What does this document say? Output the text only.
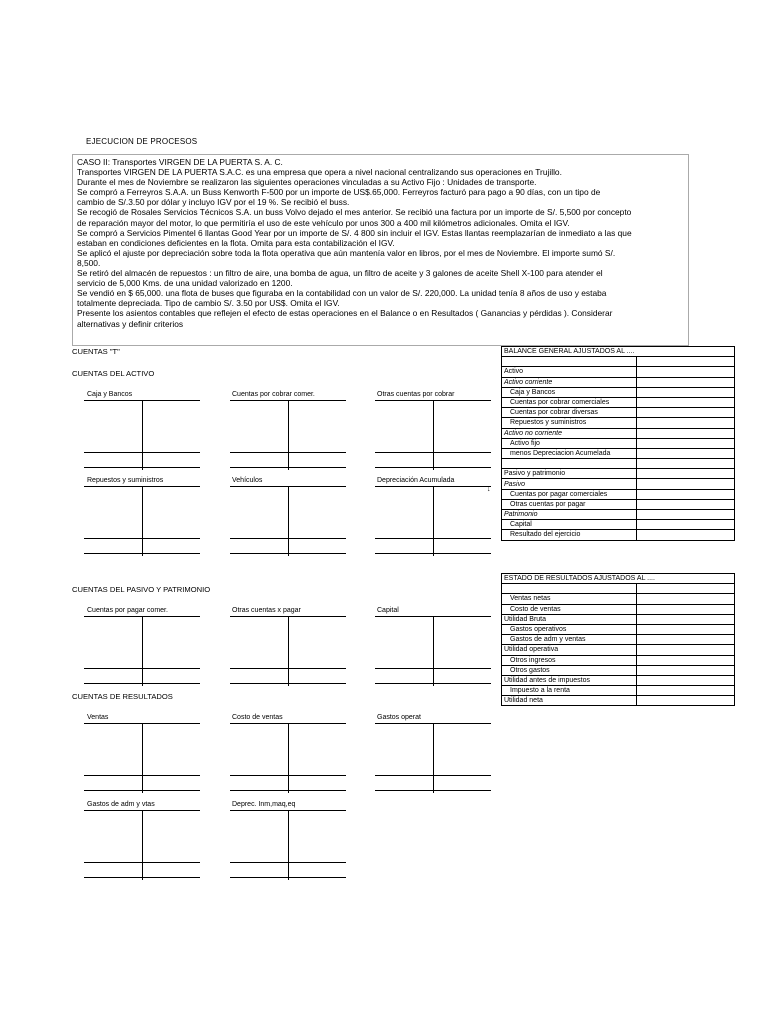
EJECUCION DE PROCESOS

CASO II: Transportes VIRGEN DE LA PUERTA S. A. C.

Transportes VIRGEN DE LA PUERTA S.A.C. es una empresa que opera a nivel nacional centralizando sus operaciones en Trujillo.

Durante el mes de Noviembre se realizaron las siguientes operaciones vinculadas a su Activo Fijo : Unidades de transporte.

Se compró a Ferreyros S.A.A. un Buss Kenworth F-500 por un importe de US$.65,000. Ferreyros facturó para pago a 90 días, con un tipo de

cambio de S/.3.50 por dólar y incluyo IGV por el 19 %. Se recibió el buss.

Se recogió de Rosales Servicios Técnicos S.A. un buss Volvo dejado el mes anterior. Se recibió una factura por un importe de S/. 5,500 por concepto

de reparación mayor del motor, lo que permitiría el uso de este vehículo por unos 300 a 400 mil kilómetros adicionales. Omita el IGV.

Se compró a Servicios Pimentel 6 llantas Good Year por un importe de S/. 4 800 sin incluir el IGV. Estas llantas reemplazarían de inmediato a las que

estaban en condiciones deficientes en la flota. Omita para esta contabilización el IGV.

Se aplicó el ajuste por depreciación sobre toda la flota operativa que aún mantenía valor en libros, por el mes de Noviembre. El importe sumó S/.

8,500.

Se retiró del almacén de repuestos : un filtro de aire, una bomba de agua, un filtro de aceite y 3 galones de aceite Shell X-100 para atender el

servicio de 5,000 Kms. de una unidad valorizado en 1200.

Se vendió en $ 65,000. una flota de buses que figuraba en la contabilidad con un valor de S/. 220,000. La unidad tenía 8 años de uso y estaba

totalmente depreciada. Tipo de cambio S/. 3.50 por US$. Omita el IGV.

Presente los asientos contables que reflejen el efecto de estas operaciones en el Balance o en Resultados ( Ganancias y pérdidas ). Considerar

alternativas y definir criterios

CUENTAS "T"
CUENTAS DEL ACTIVO
Caja y Bancos	Cuentas por cobrar comer.	Otras cuentas por cobrar
Repuestos y suministros	Vehículos	Depreciación Acumulada
↓
CUENTAS DEL PASIVO Y PATRIMONIO
Cuentas por pagar comer.	Otras cuentas x pagar	Capital
CUENTAS DE RESULTADOS
Ventas	Costo de ventas	Gastos operat
Gastos de adm y vtas	Deprec. Inm,maq,eq
BALANCE GENERAL AJUSTADOS AL ....	

Activo	
Activo corriente	
Caja y Bancos	
Cuentas por cobrar comerciales	
Cuentas por cobrar diversas	
Repuestos y suministros	
Activo no corriente	
Activo fijo	
menos Depreciacion Acumelada	

Pasivo y patrimonio	
Pasivo	
Cuentas por pagar comerciales	
Otras cuentas por pagar	
Patrimonio	
Capital	
Resultado del ejercicio	
ESTADO DE RESULTADOS AJUSTADOS AL ....	

Ventas netas	
Costo de ventas	
Utilidad Bruta	
Gastos operativos	
Gastos de adm y ventas	
Utilidad operativa	
Otros ingresos	
Otros gastos	
Utilidad antes de impuestos	
Impuesto a la renta	
Utilidad neta	
